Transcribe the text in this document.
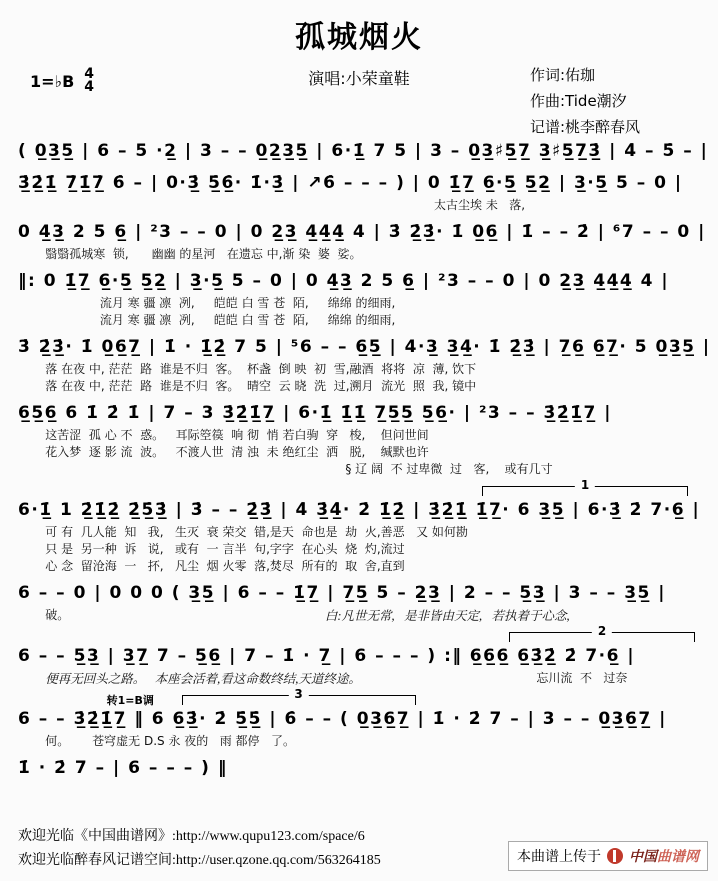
孤城烟火
1=♭B 4
4	演唱:小荣童鞋	作词:佑珈
作曲:Tide潮汐
记谱:桃李醉春风
( 0̲3̲5̲ | 6 – 5 ·2̲ | 3 – – 0̲2̲3̲5̲ | 6·1̲̇ 7 5 | 3 – 0̲3̲♯5̲7̲ 3̲♯5̲7̲3̲̇ | 4̇ – 5̇ – |
3̲̇2̲̇1̲̇ 7̲̇1̲̇7̲̇ 6̇ – | 0·3̲̇ 5̲̇6̲̇· 1̇·3̲̇ | ↗6̇ – – – ) | 0 1̲̇7̲ 6̲·5̲ 5̲2̲ | 3̲·5̲ 5 – 0 |
太古尘埃 未   落,
0 4̲3̲ 2 5 6̲ | ²3 – – 0 | 0 2̲3̲ 4̲4̲4̲ 4 | 3̇ 2̲̇3̲̇· 1̇ 0̲6̲ | 1̇ – – 2̇ | ⁶7 – – 0 |
翳翳孤城寒  锁,      幽幽 的星河   在遗忘 中,渐 染  婆  娑。
‖: 0 1̲̇7̲ 6̲·5̲ 5̲2̲ | 3̲·5̲ 5 – 0 | 0 4̲3̲ 2 5 6̲ | ²3 – – 0 | 0 2̲3̲ 4̲4̲4̲ 4 |
流月 寒 疆 凛  冽,     皑皑 白 雪 苍  陌,     绵绵 的细雨,
流月 寒 疆 凛  冽,     皑皑 白 雪 苍  陌,     绵绵 的细雨,
3̇ 2̲̇3̲̇· 1̇ 0̲6̲7̲ | 1̇ · 1̲̇2̲̇ 7 5 | ⁵6 – – 6̲5̲ | 4·3̲ 3̲4̲· 1̇ 2̲̇3̲̇ | 7̲6̲ 6̲7̲· 5 0̲3̲5̲ |
落 在夜 中, 茫茫  路  谁是不归  客。  杯盏  倒 映  初  雪,融酒  将将  凉  薄, 饮下
落 在夜 中, 茫茫  路  谁是不归  客。  晴空  云 晓  洗  过,溯月  流光  照  我, 镜中
6̲5̲6̲ 6 1̇ 2̇ 1̇ | 7 – 3 3̲̇2̲̇1̲̇7̲ | 6·1̲̇ 1̲̇1̲̇ 7̲5̲5̲ 5̲6̲· | ²3 – – 3̲̇2̲̇1̲̇7̲ |
这苦涩  孤 心 不  惑。   耳际箜篌  响 彻  悄 若白驹  穿   梭,    但问世间
花入梦  逐 影 流  波。   不渡人世  清 浊  未 绝红尘  洒   脱,    缄默也许
§ 辽 阔  不 过卑微  过   客,    或有几寸
1
6·1̲̇ 1 2̲̇1̲̇2̲̇ 2̲̇5̲̇3̲̇ | 3̇ – – 2̲̇3̲̇ | 4̇ 3̲̇4̲̇· 2̇ 1̲̇2̲̇ | 3̲̇2̲̇1̲̇ 1̲̇7̲· 6 3̲5̲ | 6·3̲̇ 2̇ 7·6̲ |
可 有  几人能  知   我,   生灭  衰 荣交  错,是天  命也是  劫  火,善恶   又 如何勘
只 是  另一种  诉   说,   或有  一 言半  句,字字  在心头  烧  灼,流过
心 念  留沧海  一   抔,   凡尘  烟 火零  落,焚尽  所有的  取  舍,直到
6 – – 0 | 0 0 0 ( 3̲5̲ | 6 – – 1̲̇7̲ | 7̲5̲ 5 – 2̲3̲ | 2 – – 5̲3̲ | 3 – – 3̲5̲ |
破。	白:凡世无常,   是非皆由天定,   若执着于心念,
2
6 – – 5̲3̲ | 3̲7̲ 7 – 5̲6̲ | 7 – 1̇ · 7̲ | 6 – – – ) :‖ 6̲6̲6̲ 6̲3̲̇2̲̇ 2̇ 7·6̲ |
便再无回头之路。   本座会活着,看这命数终结,天道终途。	忘川流  不   过奈
转1=B调	3
6 – – 3̲̇2̲̇1̲̇7̲ ‖ 6 6̲3̲̇· 2̇ 5̲̇5̲̇ | 6̇ – – ( 0̲3̲6̲7̲ | 1̇ · 2̇ 7 – | 3 – – 0̲3̲6̲7̲ |
何。      苍穹虚无 D.S 永 夜的   雨 都停   了。
1̇ · 2̇ 7 – | 6 – – – ) ‖
欢迎光临《中国曲谱网》:http://www.qupu123.com/space/6
欢迎光临醉春风记谱空间:http://user.qzone.qq.com/563264185	本曲谱上传于 中国曲谱网
